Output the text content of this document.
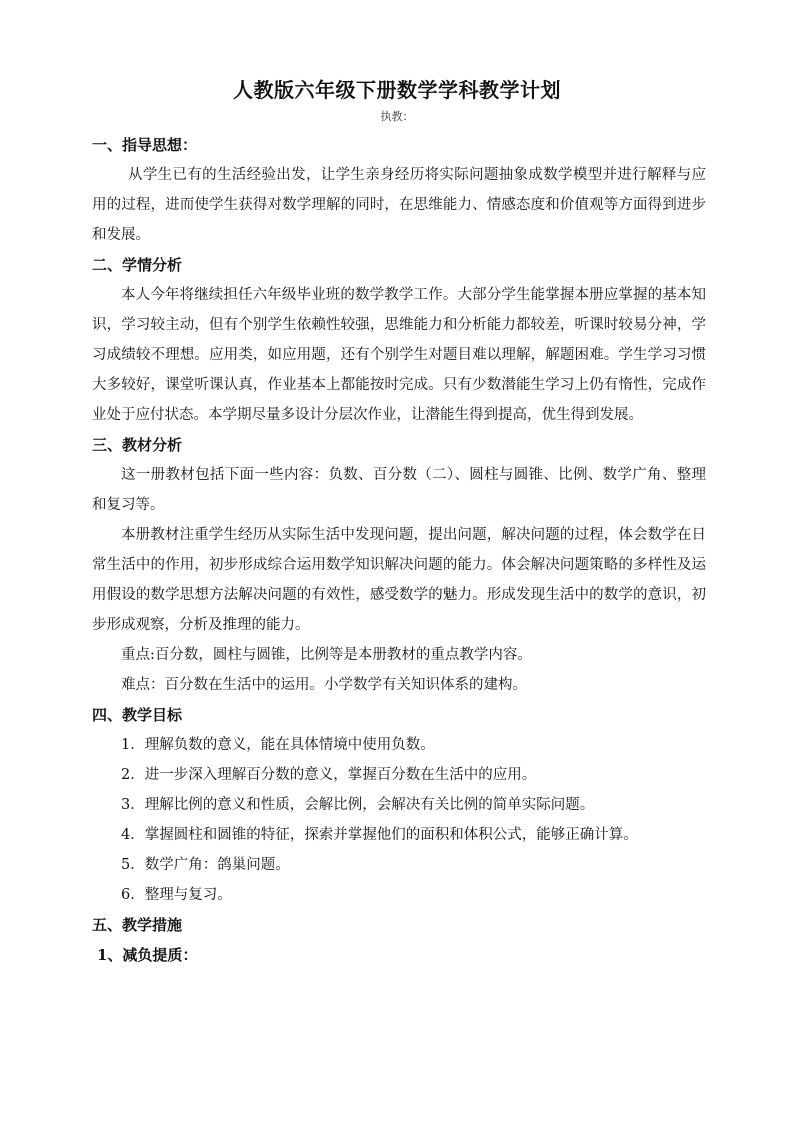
人教版六年级下册数学学科教学计划
执教：

一、指导思想：

从学生已有的生活经验出发，让学生亲身经历将实际问题抽象成数学模型并进行解释与应用的过程，进而使学生获得对数学理解的同时，在思维能力、情感态度和价值观等方面得到进步和发展。

二、学情分析

本人今年将继续担任六年级毕业班的数学教学工作。大部分学生能掌握本册应掌握的基本知识，学习较主动，但有个别学生依赖性较强，思维能力和分析能力都较差，听课时较易分神，学习成绩较不理想。应用类，如应用题，还有个别学生对题目难以理解，解题困难。学生学习习惯大多较好，课堂听课认真，作业基本上都能按时完成。只有少数潜能生学习上仍有惰性，完成作业处于应付状态。本学期尽量多设计分层次作业，让潜能生得到提高，优生得到发展。

三、教材分析

这一册教材包括下面一些内容：负数、百分数（二）、圆柱与圆锥、比例、数学广角、整理和复习等。

本册教材注重学生经历从实际生活中发现问题，提出问题，解决问题的过程，体会数学在日常生活中的作用，初步形成综合运用数学知识解决问题的能力。体会解决问题策略的多样性及运用假设的数学思想方法解决问题的有效性，感受数学的魅力。形成发现生活中的数学的意识，初步形成观察，分析及推理的能力。

重点:百分数，圆柱与圆锥，比例等是本册教材的重点教学内容。

难点：百分数在生活中的运用。小学数学有关知识体系的建构。

四、教学目标

1．理解负数的意义，能在具体情境中使用负数。

2．进一步深入理解百分数的意义，掌握百分数在生活中的应用。

3．理解比例的意义和性质，会解比例，会解决有关比例的简单实际问题。

4．掌握圆柱和圆锥的特征，探索并掌握他们的面积和体积公式，能够正确计算。

5．数学广角：鸽巢问题。

6．整理与复习。

五、教学措施

1、减负提质：
